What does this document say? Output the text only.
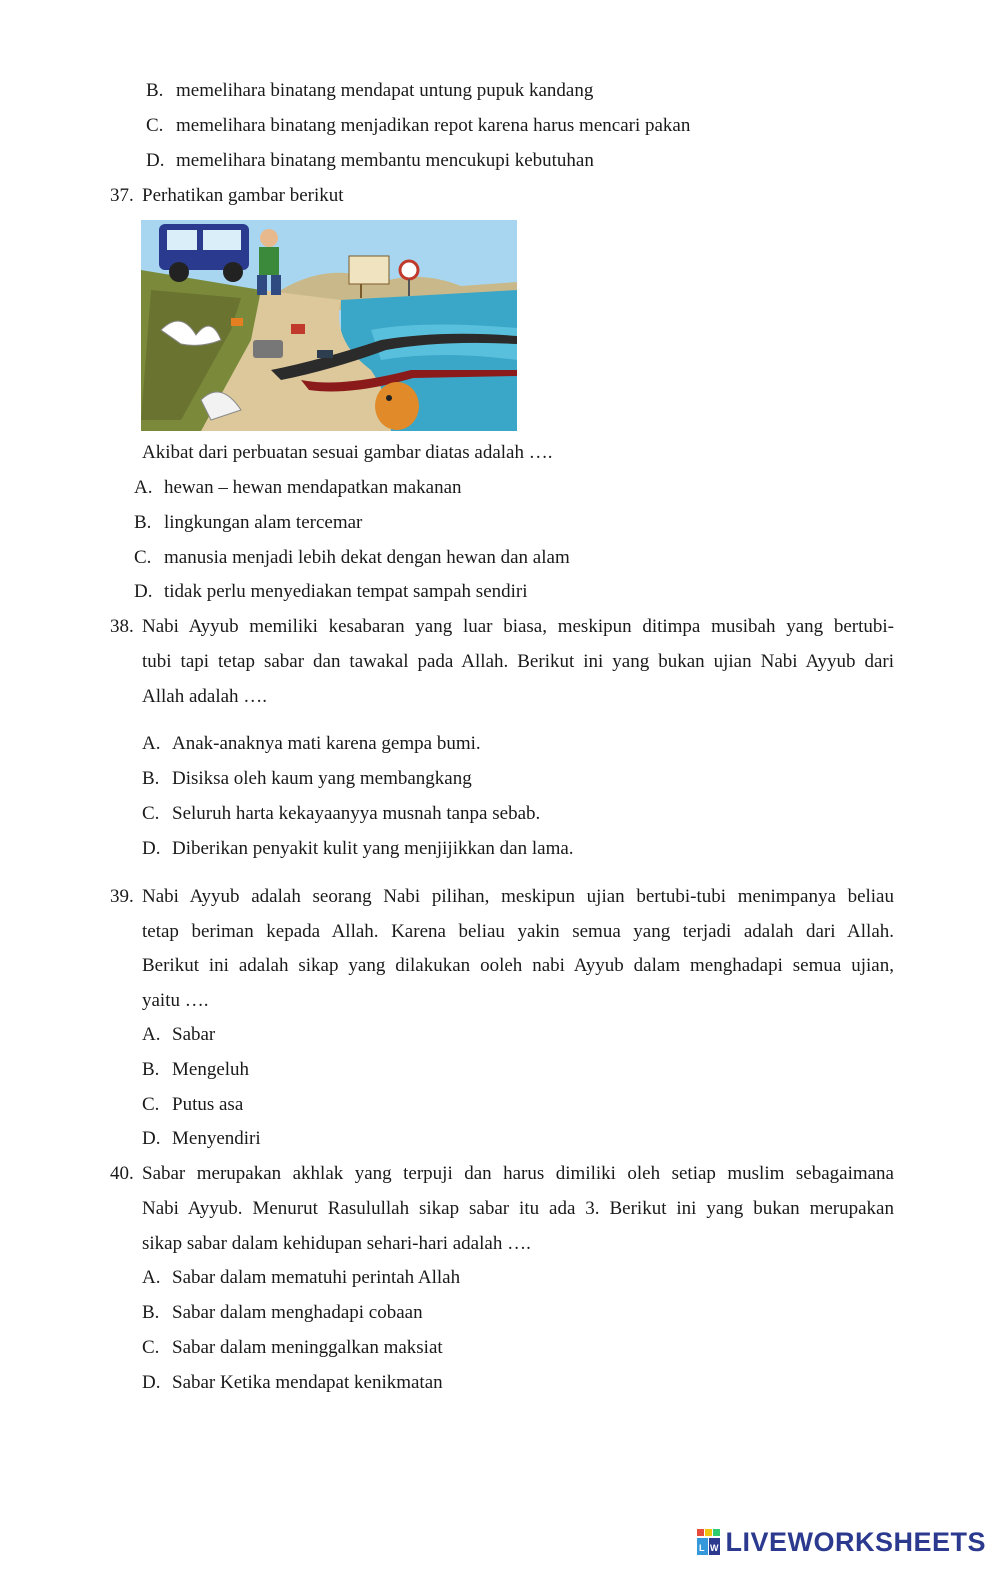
B. memelihara binatang mendapat untung pupuk kandang
C. memelihara binatang menjadikan repot karena harus mencari pakan
D. memelihara binatang membantu mencukupi kebutuhan
37. Perhatikan gambar berikut
Akibat dari perbuatan sesuai gambar diatas adalah ….
A. hewan – hewan mendapatkan makanan
B. lingkungan alam tercemar
C. manusia menjadi lebih dekat dengan hewan dan alam
D. tidak perlu menyediakan tempat sampah sendiri
38. Nabi Ayyub memiliki kesabaran yang luar biasa, meskipun ditimpa musibah yang bertubi-
tubi tapi tetap sabar dan tawakal pada Allah. Berikut ini yang bukan ujian Nabi Ayyub dari
Allah adalah ….
A. Anak-anaknya mati karena gempa bumi.
B. Disiksa oleh kaum yang membangkang
C. Seluruh harta kekayaanyya musnah tanpa sebab.
D. Diberikan penyakit kulit yang menjijikkan dan lama.
39. Nabi Ayyub adalah seorang Nabi pilihan, meskipun ujian bertubi-tubi menimpanya beliau
tetap beriman kepada Allah. Karena beliau yakin semua yang terjadi adalah dari Allah.
Berikut ini adalah sikap yang dilakukan ooleh nabi Ayyub dalam menghadapi semua ujian,
yaitu ….
A. Sabar
B. Mengeluh
C. Putus asa
D. Menyendiri
40. Sabar merupakan akhlak yang terpuji dan harus dimiliki oleh setiap muslim sebagaimana
Nabi Ayyub. Menurut Rasulullah sikap sabar itu ada 3. Berikut ini yang bukan merupakan
sikap sabar dalam kehidupan sehari-hari adalah ….
A. Sabar dalam mematuhi perintah Allah
B. Sabar dalam menghadapi cobaan
C. Sabar dalam meninggalkan maksiat
D. Sabar Ketika mendapat kenikmatan
L W LIVEWORKSHEETS
